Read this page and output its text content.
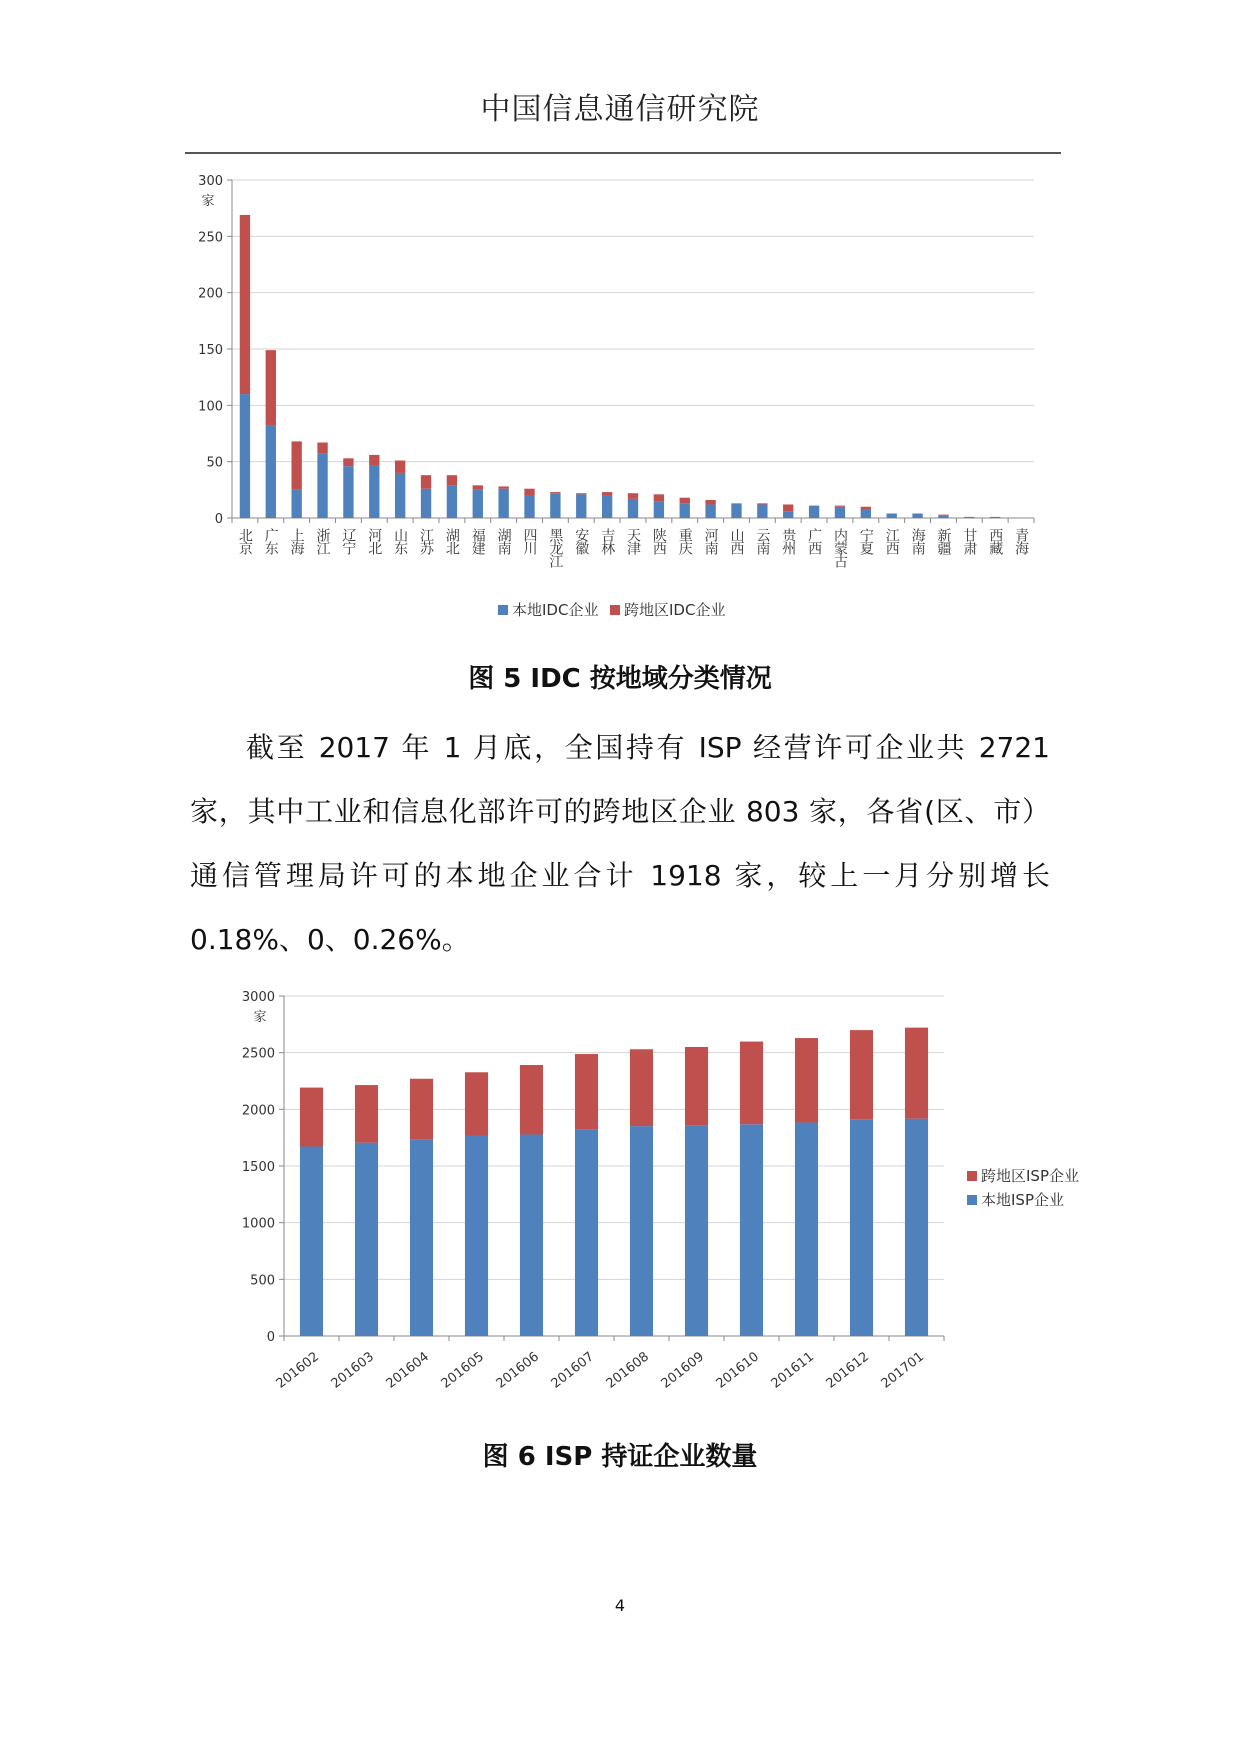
中国信息通信研究院
0
50
100
150
200
250
300
家
北京 广东 上海 浙江 辽宁 河北 山东 江苏 湖北 福建 湖南 四川 黑龙江 安徽 吉林 天津 陕西 重庆 河南 山西 云南 贵州 广西 内蒙古 宁夏 江西 海南 新疆 甘肃 西藏 青海
本地IDC企业 跨地区IDC企业
图 5 IDC 按地域分类情况
截至 2017 年 1 月底，全国持有 ISP 经营许可企业共 2721 家，其中工业和信息化部许可的跨地区企业 803 家，各省(区、市）通信管理局许可的本地企业合计 1918 家，较上一月分别增长 0.18%、0、0.26%。
0
500
1000
1500
2000
2500
3000
家
201602 201603 201604 201605 201606 201607 201608 201609 201610 201611 201612 201701
跨地区ISP企业
本地ISP企业
图 6 ISP 持证企业数量
4
